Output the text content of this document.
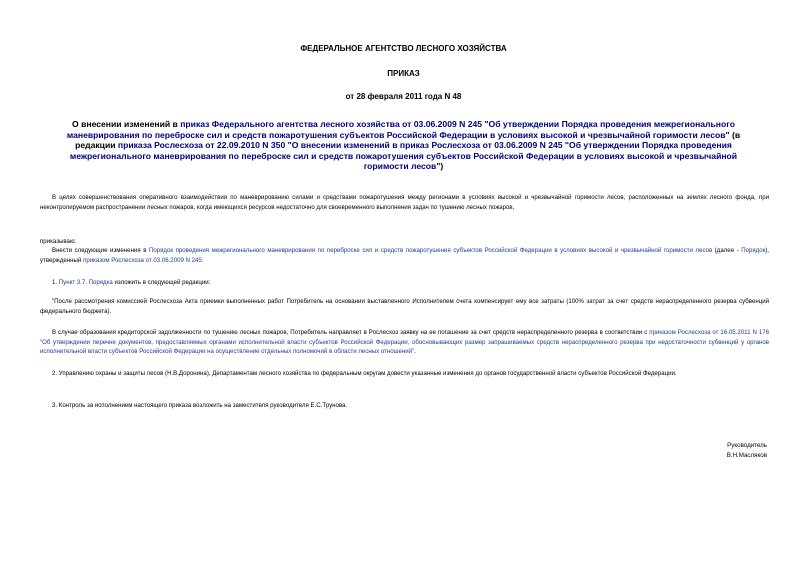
ФЕДЕРАЛЬНОЕ АГЕНТСТВО ЛЕСНОГО ХОЗЯЙСТВА
ПРИКАЗ
от 28 февраля 2011 года N 48
О внесении изменений в приказ Федерального агентства лесного хозяйства от 03.06.2009 N 245 "Об утверждении Порядка проведения межрегионального маневрирования по переброске сил и средств пожаротушения субъектов Российской Федерации в условиях высокой и чрезвычайной горимости лесов" (в редакции приказа Рослесхоза от 22.09.2010 N 350 "О внесении изменений в приказ Рослесхоза от 03.06.2009 N 245 "Об утверждении Порядка проведения межрегионального маневрирования по переброске сил и средств пожаротушения субъектов Российской Федерации в условиях высокой и чрезвычайной горимости лесов")
В целях совершенствования оперативного взаимодействия по маневрированию силами и средствами пожаротушения между регионами в условиях высокой и чрезвычайной горимости лесов, расположенных на землях лесного фонда, при неконтролируемом распространении лесных пожаров, когда имеющихся ресурсов недостаточно для своевременного выполнения задач по тушению лесных пожаров,
приказываю:
Внести следующие изменения в Порядок проведения межрегионального маневрирования по переброске сил и средств пожаротушения субъектов Российской Федерации в условиях высокой и чрезвычайной горимости лесов (далее - Порядок), утвержденный приказом Рослесхоза от 03.06.2009 N 245:
1. Пункт 3.7. Порядка изложить в следующей редакции:
"После рассмотрения комиссией Рослесхоза Акта приемки выполненных работ Потребитель на основании выставленного Исполнителем счета компенсирует ему все затраты (100% затрат за счет средств нераспределенного резерва субвенций федерального бюджета).
В случае образования кредиторской задолженности по тушению лесных пожаров, Потребитель направляет в Рослесхоз заявку на ее погашение за счет средств нераспределенного резерва в соответствии с приказом Рослесхоза от 16.05.2011 N 176 "Об утверждении перечня документов, предоставляемых органами исполнительной власти субъектов Российской Федерации, обосновывающих размер запрашиваемых средств нераспределенного резерва при недостаточности субвенций у органов исполнительной власти субъектов Российской Федерации на осуществление отдельных полномочий в области лесных отношений".
2. Управлению охраны и защиты лесов (Н.В.Доронина), Департаментам лесного хозяйства по федеральным округам довести указанные изменения до органов государственной власти субъектов Российской Федерации.
3. Контроль за исполнением настоящего приказа возложить на заместителя руководителя Е.С.Трунова.
Руководитель
В.Н.Масляков
